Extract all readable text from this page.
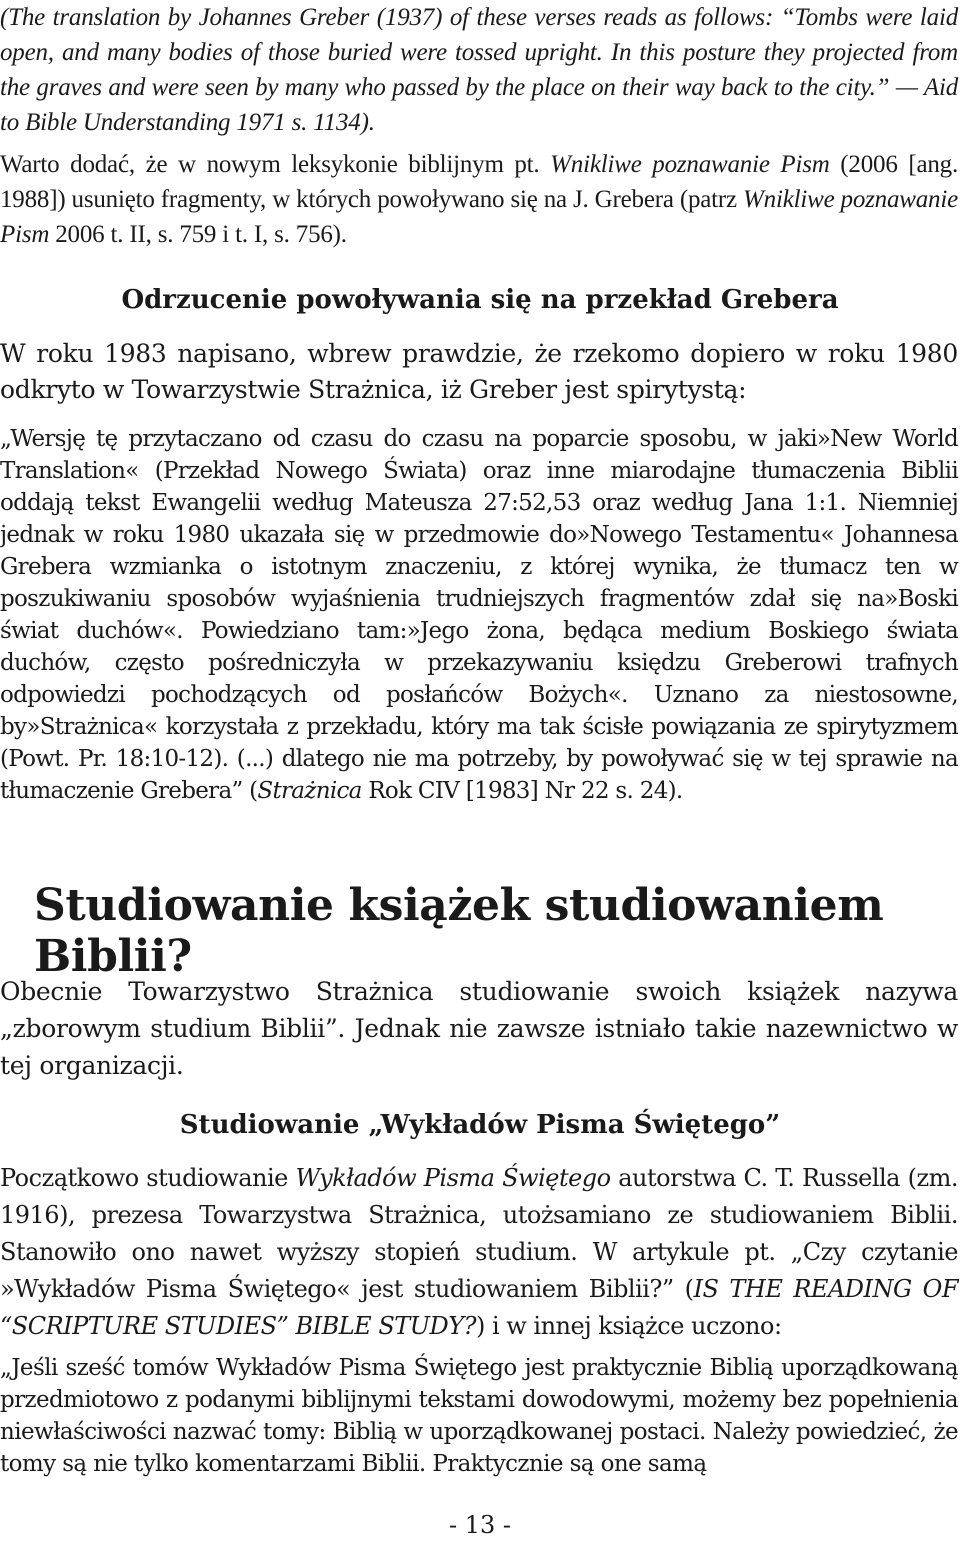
(The translation by Johannes Greber (1937) of these verses reads as follows: “Tombs were laid open, and many bodies of those buried were tossed upright. In this posture they projected from the graves and were seen by many who passed by the place on their way back to the city.” — Aid to Bible Understanding 1971 s. 1134).
Warto dodać, że w nowym leksykonie biblijnym pt. Wnikliwe poznawanie Pism (2006 [ang. 1988]) usunięto fragmenty, w których powoływano się na J. Grebera (patrz Wnikliwe poznawanie Pism 2006 t. II, s. 759 i t. I, s. 756).
Odrzucenie powoływania się na przekład Grebera
W roku 1983 napisano, wbrew prawdzie, że rzekomo dopiero w roku 1980 odkryto w Towarzystwie Strażnica, iż Greber jest spirytystą:
„Wersję tę przytaczano od czasu do czasu na poparcie sposobu, w jaki»New World Translation« (Przekład Nowego Świata) oraz inne miarodajne tłumaczenia Biblii oddają tekst Ewangelii według Mateusza 27:52,53 oraz według Jana 1:1. Niemniej jednak w roku 1980 ukazała się w przedmowie do»Nowego Testamentu« Johannesa Grebera wzmianka o istotnym znaczeniu, z której wynika, że tłumacz ten w poszukiwaniu sposobów wyjaśnienia trudniejszych fragmentów zdał się na»Boski świat duchów«. Powiedziano tam:»Jego żona, będąca medium Boskiego świata duchów, często pośredniczyła w przekazywaniu księdzu Greberowi trafnych odpowiedzi pochodzących od posłańców Bożych«. Uznano za niestosowne, by»Strażnica« korzystała z przekładu, który ma tak ścisłe powiązania ze spirytyzmem (Powt. Pr. 18:10-12). (...) dlatego nie ma potrzeby, by powoływać się w tej sprawie na tłumaczenie Grebera” (Strażnica Rok CIV [1983] Nr 22 s. 24).
Studiowanie książek studiowaniem Biblii?
Obecnie Towarzystwo Strażnica studiowanie swoich książek nazywa „zborowym studium Biblii”. Jednak nie zawsze istniało takie nazewnictwo w tej organizacji.
Studiowanie „Wykładów Pisma Świętego”
Początkowo studiowanie Wykładów Pisma Świętego autorstwa C. T. Russella (zm. 1916), prezesa Towarzystwa Strażnica, utożsamiano ze studiowaniem Biblii. Stanowiło ono nawet wyższy stopień studium. W artykule pt. „Czy czytanie »Wykładów Pisma Świętego« jest studiowaniem Biblii?” (IS THE READING OF “SCRIPTURE STUDIES” BIBLE STUDY?) i w innej książce uczono:
„Jeśli sześć tomów Wykładów Pisma Świętego jest praktycznie Biblią uporządkowaną przedmiotowo z podanymi biblijnymi tekstami dowodowymi, możemy bez popełnienia niewłaściwości nazwać tomy: Biblią w uporządkowanej postaci. Należy powiedzieć, że tomy są nie tylko komentarzami Biblii. Praktycznie są one samą
- 13 -
